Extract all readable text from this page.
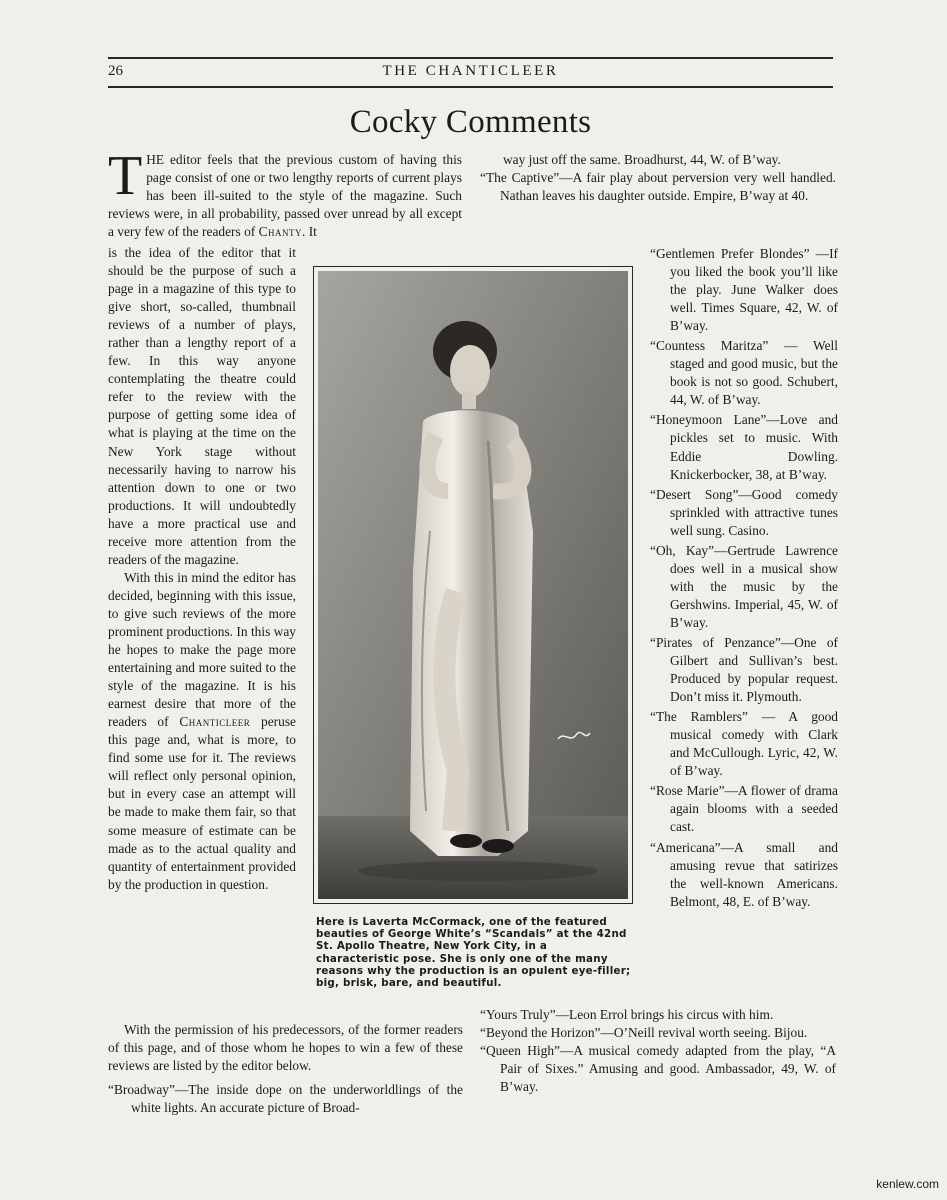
26	THE CHANTICLEER
Cocky Comments

THE editor feels that the previous custom of having this page consist of one or two lengthy reports of current plays has been ill-suited to the style of the magazine. Such reviews were, in all probability, passed over unread by all except a very few of the readers of Chanty. It

is the idea of the editor that it should be the purpose of such a page in a magazine of this type to give short, so-called, thumbnail reviews of a number of plays, rather than a lengthy report of a few. In this way anyone contemplating the theatre could refer to the review with the purpose of getting some idea of what is playing at the time on the New York stage without necessarily having to narrow his attention down to one or two productions. It will undoubtedly have a more practical use and receive more attention from the readers of the magazine.

With this in mind the editor has decided, beginning with this issue, to give such reviews of the more prominent productions. In this way he hopes to make the page more entertaining and more suited to the style of the magazine. It is his earnest desire that more of the readers of Chanticleer peruse this page and, what is more, to find some use for it. The reviews will reflect only personal opinion, but in every case an attempt will be made to make them fair, so that some measure of estimate can be made as to the actual quality and quantity of entertainment provided by the production in question.

With the permission of his predecessors, of the former readers of this page, and of those whom he hopes to win a few of these reviews are listed by the editor below.

“Broadway”—The inside dope on the underworldlings of the white lights. An accurate picture of Broad-

way just off the same. Broadhurst, 44, W. of B’way.

“The Captive”—A fair play about perversion very well handled. Nathan leaves his daughter outside. Empire, B’way at 40.

“Gentlemen Prefer Blondes” —If you liked the book you’ll like the play. June Walker does well. Times Square, 42, W. of B’way.

“Countess Maritza” — Well staged and good music, but the book is not so good. Schubert, 44, W. of B’way.

“Honeymoon Lane”—Love and pickles set to music. With Eddie Dowling. Knickerbocker, 38, at B’way.

“Desert Song”—Good comedy sprinkled with attractive tunes well sung. Casino.

“Oh, Kay”—Gertrude Lawrence does well in a musical show with the music by the Gershwins. Imperial, 45, W. of B’way.

“Pirates of Penzance”—One of Gilbert and Sullivan’s best. Produced by popular request. Don’t miss it. Plymouth.

“The Ramblers” — A good musical comedy with Clark and McCullough. Lyric, 42, W. of B’way.

“Rose Marie”—A flower of drama again blooms with a seeded cast.

“Americana”—A small and amusing revue that satirizes the well-known Americans. Belmont, 48, E. of B’way.

“Yours Truly”—Leon Errol brings his circus with him.

“Beyond the Horizon”—O’Neill revival worth seeing. Bijou.

“Queen High”—A musical comedy adapted from the play, “A Pair of Sixes.” Amusing and good. Ambassador, 49, W. of B’way.

Here is Laverta McCormack, one of the featured beauties of George White’s “Scandals” at the 42nd St. Apollo Theatre, New York City, in a characteristic pose. She is only one of the many reasons why the production is an opulent eye-filler; big, brisk, bare, and beautiful.
kenlew.com
